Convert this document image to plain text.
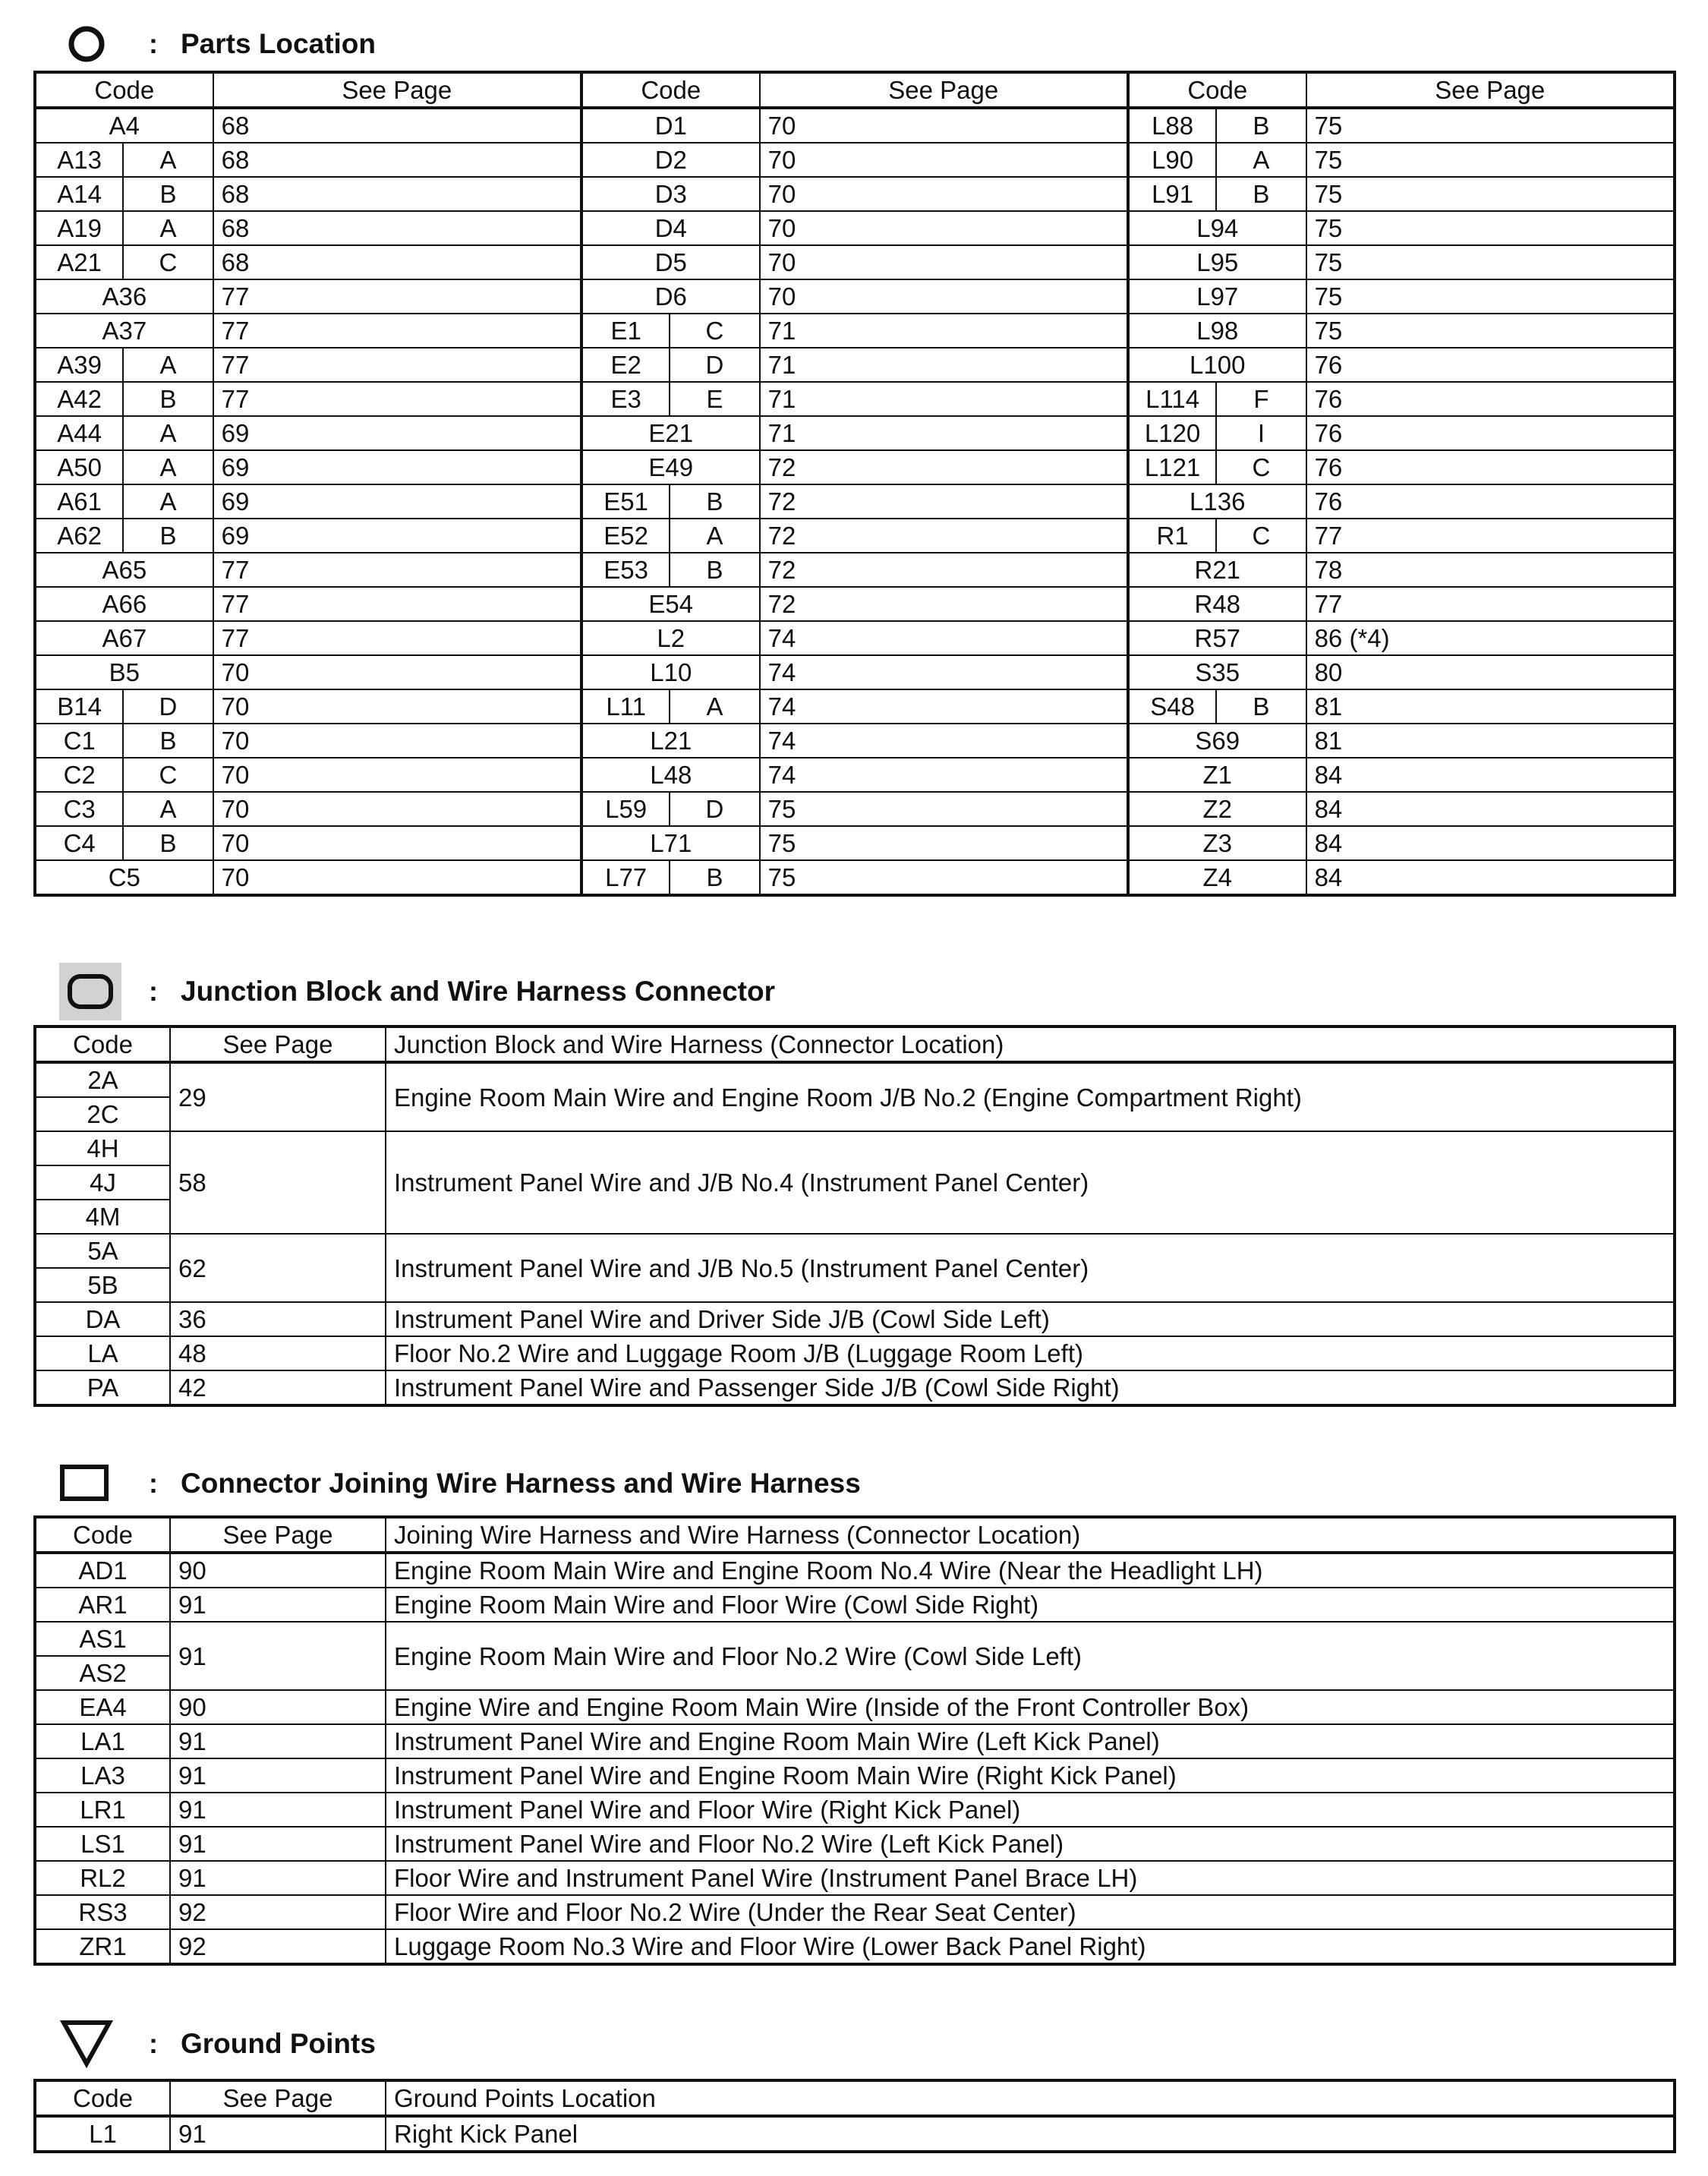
: Parts Location
Code		See Page	Code		See Page	Code		See Page
A4		68	D1		70	L88	B	75
A13	A	68	D2		70	L90	A	75
A14	B	68	D3		70	L91	B	75
A19	A	68	D4		70	L94		75
A21	C	68	D5		70	L95		75
A36		77	D6		70	L97		75
A37		77	E1	C	71	L98		75
A39	A	77	E2	D	71	L100		76
A42	B	77	E3	E	71	L114	F	76
A44	A	69	E21		71	L120	I	76
A50	A	69	E49		72	L121	C	76
A61	A	69	E51	B	72	L136		76
A62	B	69	E52	A	72	R1	C	77
A65		77	E53	B	72	R21		78
A66		77	E54		72	R48		77
A67		77	L2		74	R57		86 (*4)
B5		70	L10		74	S35		80
B14	D	70	L11	A	74	S48	B	81
C1	B	70	L21		74	S69		81
C2	C	70	L48		74	Z1		84
C3	A	70	L59	D	75	Z2		84
C4	B	70	L71		75	Z3		84
C5		70	L77	B	75	Z4		84
: Junction Block and Wire Harness Connector
Code	See Page	Junction Block and Wire Harness (Connector Location)
2A	29	Engine Room Main Wire and Engine Room J/B No.2 (Engine Compartment Right)
2C		
4H	58	Instrument Panel Wire and J/B No.4 (Instrument Panel Center)
4J		
4M		
5A	62	Instrument Panel Wire and J/B No.5 (Instrument Panel Center)
5B		
DA	36	Instrument Panel Wire and Driver Side J/B (Cowl Side Left)
LA	48	Floor No.2 Wire and Luggage Room J/B (Luggage Room Left)
PA	42	Instrument Panel Wire and Passenger Side J/B (Cowl Side Right)
: Connector Joining Wire Harness and Wire Harness
Code	See Page	Joining Wire Harness and Wire Harness (Connector Location)
AD1	90	Engine Room Main Wire and Engine Room No.4 Wire (Near the Headlight LH)
AR1	91	Engine Room Main Wire and Floor Wire (Cowl Side Right)
AS1	91	Engine Room Main Wire and Floor No.2 Wire (Cowl Side Left)
AS2		
EA4	90	Engine Wire and Engine Room Main Wire (Inside of the Front Controller Box)
LA1	91	Instrument Panel Wire and Engine Room Main Wire (Left Kick Panel)
LA3	91	Instrument Panel Wire and Engine Room Main Wire (Right Kick Panel)
LR1	91	Instrument Panel Wire and Floor Wire (Right Kick Panel)
LS1	91	Instrument Panel Wire and Floor No.2 Wire (Left Kick Panel)
RL2	91	Floor Wire and Instrument Panel Wire (Instrument Panel Brace LH)
RS3	92	Floor Wire and Floor No.2 Wire (Under the Rear Seat Center)
ZR1	92	Luggage Room No.3 Wire and Floor Wire (Lower Back Panel Right)
: Ground Points
Code	See Page	Ground Points Location
L1	91	Right Kick Panel
